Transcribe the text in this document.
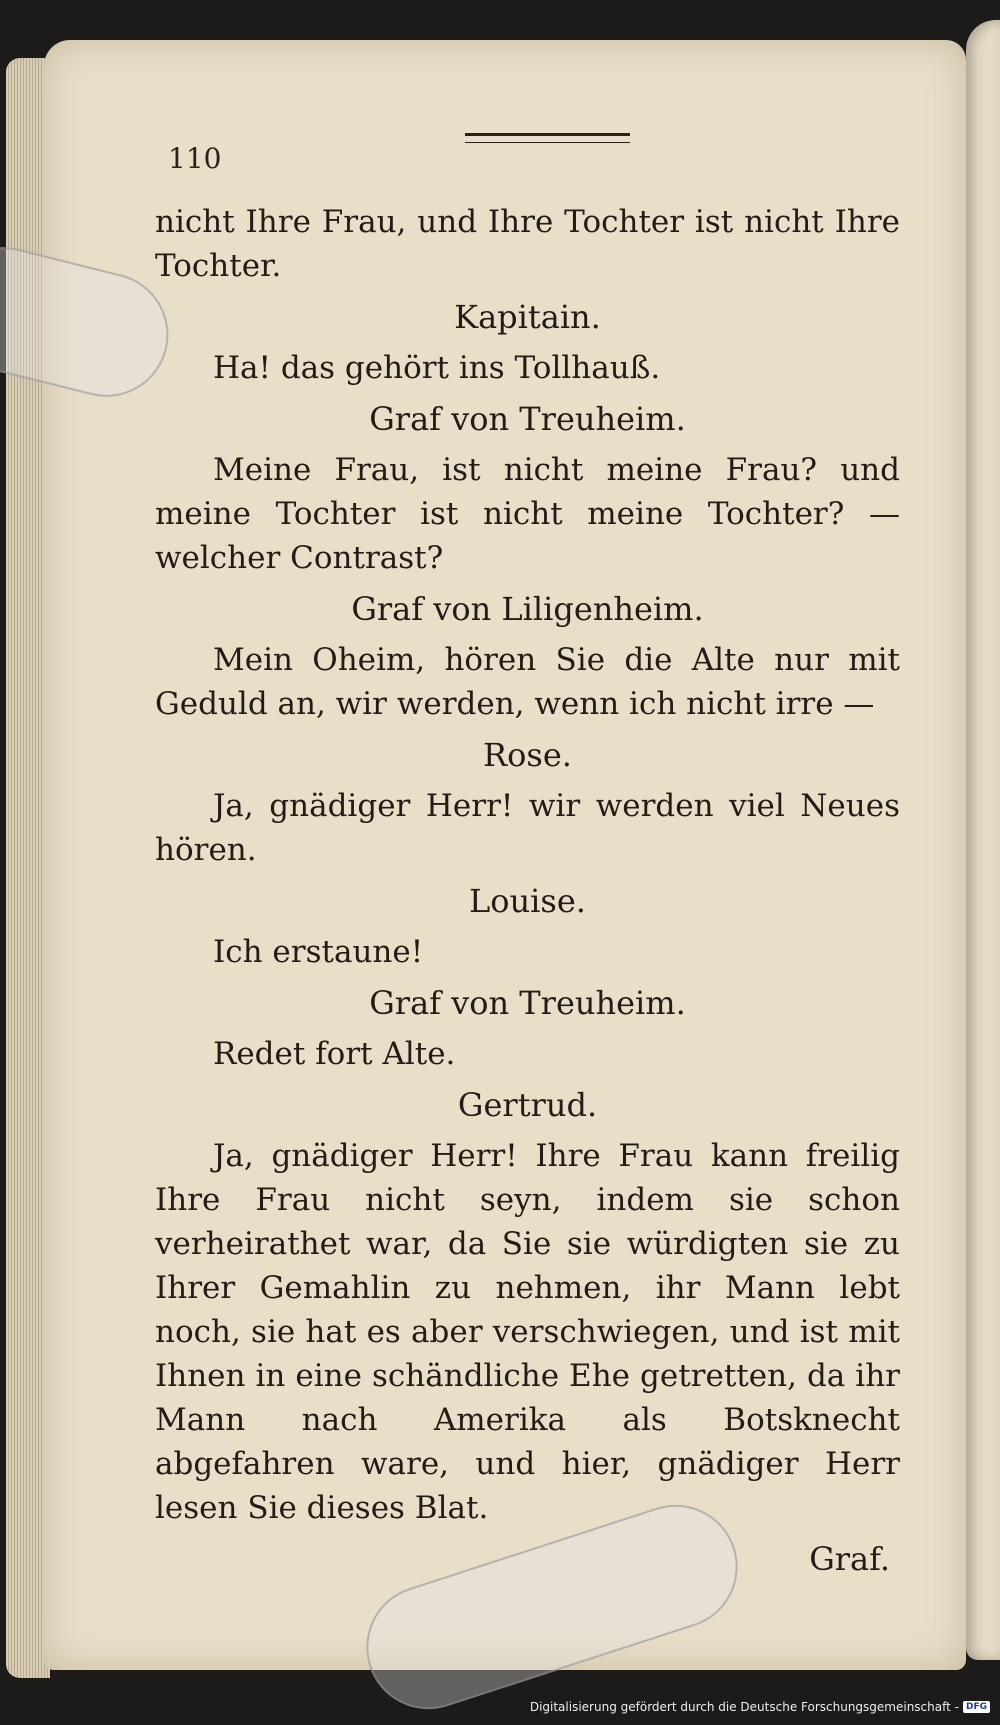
110

nicht Ihre Frau, und Ihre Tochter ist nicht Ihre Tochter.

Kapitain.

Ha! das gehört ins Tollhauß.

Graf von Treuheim.

Meine Frau, ist nicht meine Frau? und meine Tochter ist nicht meine Tochter? — welcher Contrast?

Graf von Liligenheim.

Mein Oheim, hören Sie die Alte nur mit Geduld an, wir werden, wenn ich nicht irre —

Rose.

Ja, gnädiger Herr! wir werden viel Neues hören.

Louise.

Ich erstaune!

Graf von Treuheim.

Redet fort Alte.

Gertrud.

Ja, gnädiger Herr! Ihre Frau kann freilig Ihre Frau nicht seyn, indem sie schon verheirathet war, da Sie sie würdigten sie zu Ihrer Gemahlin zu nehmen, ihr Mann lebt noch, sie hat es aber verschwiegen, und ist mit Ihnen in eine schändliche Ehe getretten, da ihr Mann nach Amerika als Botsknecht abgefahren ware, und hier, gnädiger Herr lesen Sie dieses Blat.

Graf.

Digitalisierung gefördert durch die Deutsche Forschungsgemeinschaft - DFG
